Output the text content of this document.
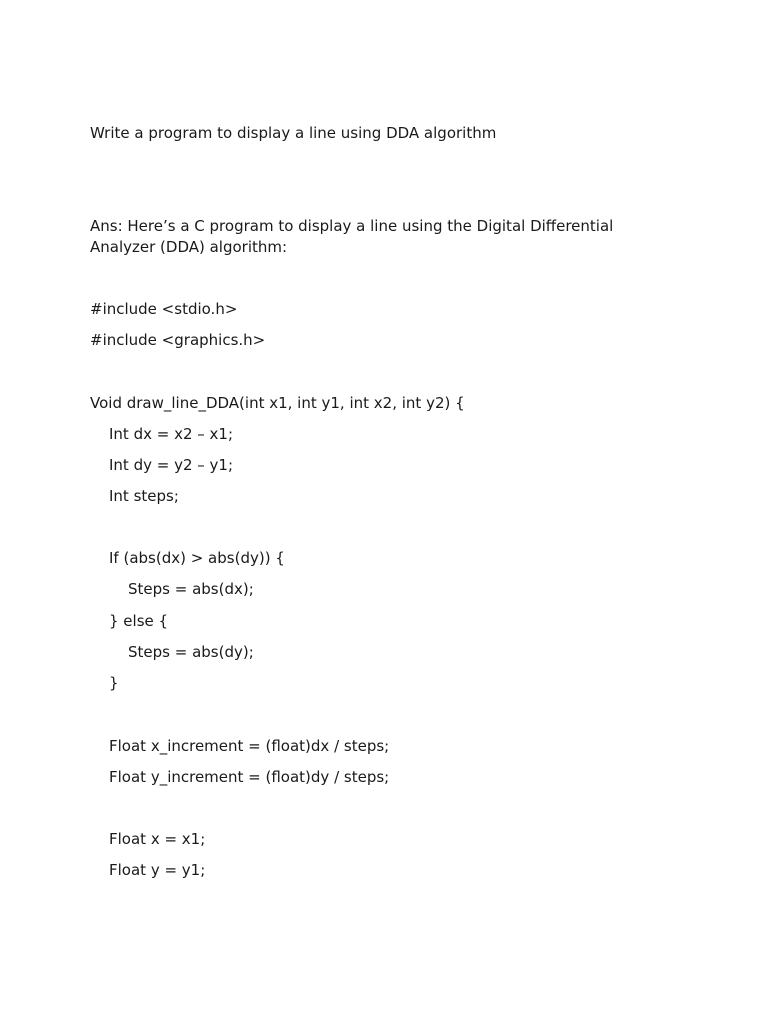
Write a program to display a line using DDA algorithm

Ans: Here’s a C program to display a line using the Digital Differential Analyzer (DDA) algorithm:

#include <stdio.h>

#include <graphics.h>

Void draw_line_DDA(int x1, int y1, int x2, int y2) {

Int dx = x2 – x1;

Int dy = y2 – y1;

Int steps;

If (abs(dx) > abs(dy)) {

Steps = abs(dx);

} else {

Steps = abs(dy);

}

Float x_increment = (float)dx / steps;

Float y_increment = (float)dy / steps;

Float x = x1;

Float y = y1;
